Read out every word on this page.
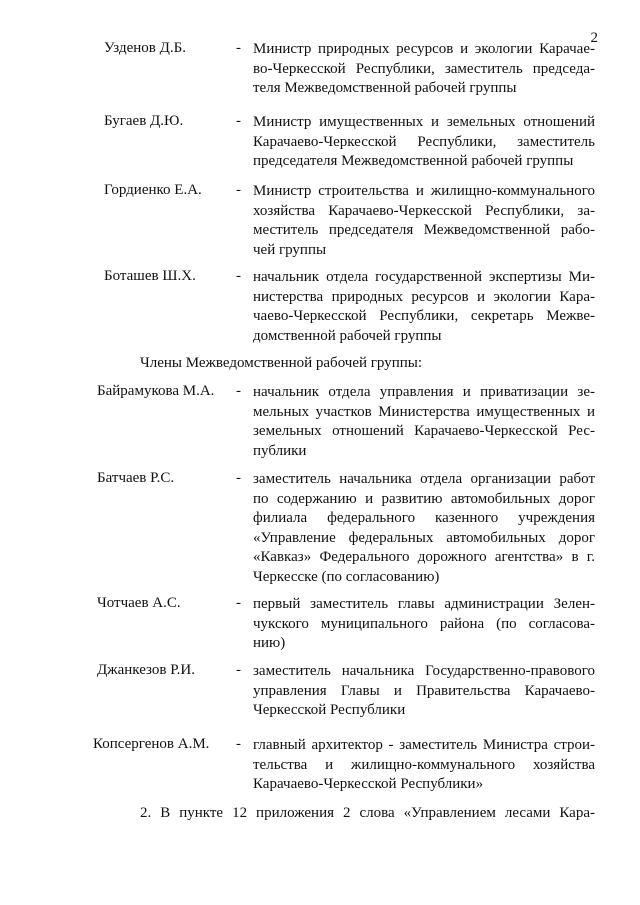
2
Узденов Д.Б.	- Министр природных ресурсов и экологии Карачае-
во-Черкесской Республики, заместитель председа-
теля Межведомственной рабочей группы
Бугаев Д.Ю.	- Министр имущественных и земельных отношений
Карачаево-Черкесской Республики, заместитель
председателя Межведомственной рабочей группы
Гордиенко Е.А. - Министр строительства и жилищно-коммунального
хозяйства Карачаево-Черкесской Республики, за-
меститель председателя Межведомственной рабо-
чей группы
Боташев Ш.Х.	- начальник отдела государственной экспертизы Ми-
нистерства природных ресурсов и экологии Кара-
чаево-Черкесской Республики, секретарь Межве-
домственной рабочей группы
Члены Межведомственной рабочей группы:
Байрамукова М.А. - начальник отдела управления и приватизации зе-
мельных участков Министерства имущественных и
земельных отношений Карачаево-Черкесской Рес-
публики
Батчаев Р.С.	- заместитель начальника отдела организации работ
по содержанию и развитию автомобильных дорог
филиала федерального казенного учреждения
«Управление федеральных автомобильных дорог
«Кавказ» Федерального дорожного агентства» в г.
Черкесске (по согласованию)
Чотчаев А.С.	- первый заместитель главы администрации Зелен-
чукского муниципального района (по согласова-
нию)
Джанкезов Р.И.	- заместитель начальника Государственно-правового
управления Главы и Правительства Карачаево-
Черкесской Республики
Копсергенов А.М. - главный архитектор - заместитель Министра строи-
тельства и жилищно-коммунального хозяйства
Карачаево-Черкесской Республики»
2. В пункте 12 приложения 2 слова «Управлением лесами Кара-
